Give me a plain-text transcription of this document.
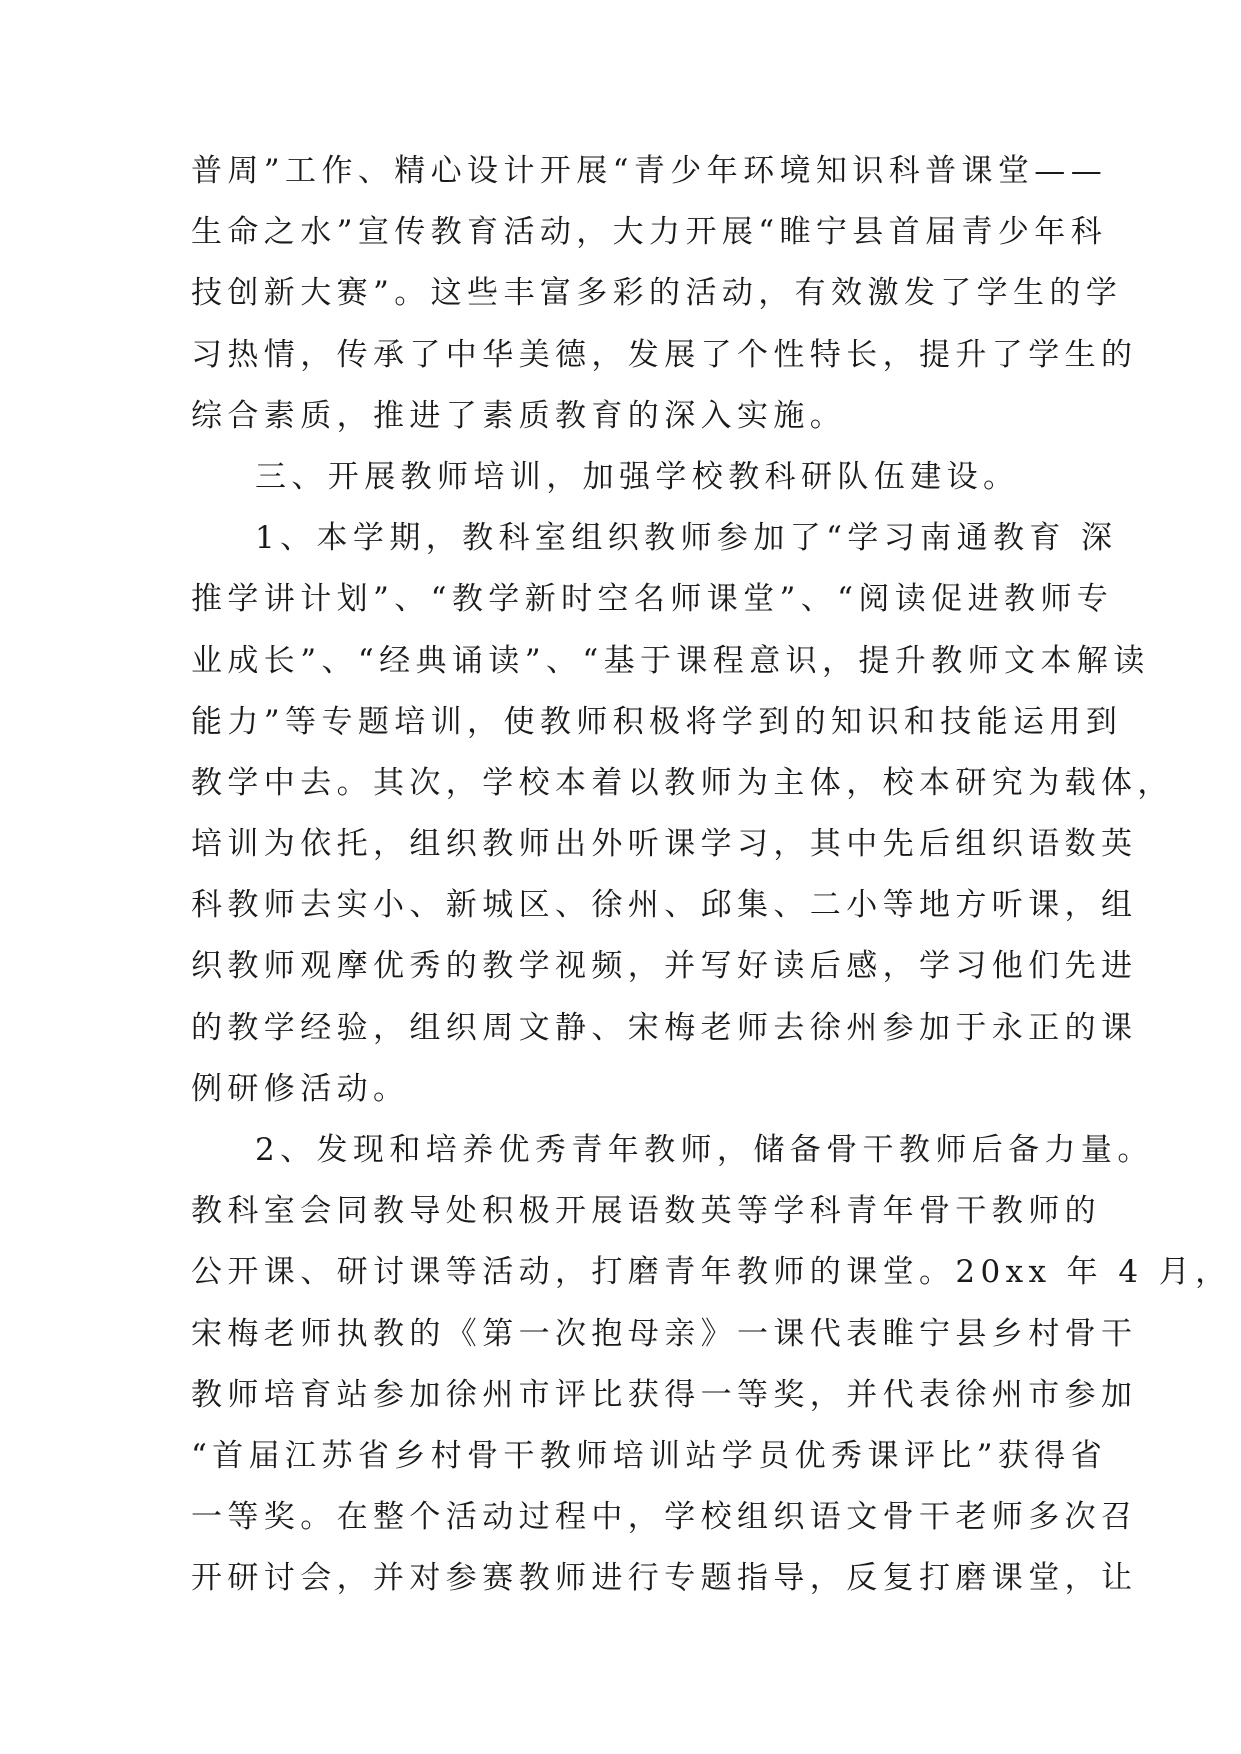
普周”工作、精心设计开展“青少年环境知识科普课堂——
生命之水”宣传教育活动，大力开展“睢宁县首届青少年科
技创新大赛”。这些丰富多彩的活动，有效激发了学生的学
习热情，传承了中华美德，发展了个性特长，提升了学生的
综合素质，推进了素质教育的深入实施。
三、开展教师培训，加强学校教科研队伍建设。
1、本学期，教科室组织教师参加了“学习南通教育 深
推学讲计划”、“教学新时空名师课堂”、“阅读促进教师专
业成长”、“经典诵读”、“基于课程意识，提升教师文本解读
能力”等专题培训，使教师积极将学到的知识和技能运用到
教学中去。其次，学校本着以教师为主体，校本研究为载体，
培训为依托，组织教师出外听课学习，其中先后组织语数英
科教师去实小、新城区、徐州、邱集、二小等地方听课，组
织教师观摩优秀的教学视频，并写好读后感，学习他们先进
的教学经验，组织周文静、宋梅老师去徐州参加于永正的课
例研修活动。
2、发现和培养优秀青年教师，储备骨干教师后备力量。
教科室会同教导处积极开展语数英等学科青年骨干教师的
公开课、研讨课等活动，打磨青年教师的课堂。20xx 年 4 月，
宋梅老师执教的《第一次抱母亲》一课代表睢宁县乡村骨干
教师培育站参加徐州市评比获得一等奖，并代表徐州市参加
“首届江苏省乡村骨干教师培训站学员优秀课评比”获得省
一等奖。在整个活动过程中，学校组织语文骨干老师多次召
开研讨会，并对参赛教师进行专题指导，反复打磨课堂，让
